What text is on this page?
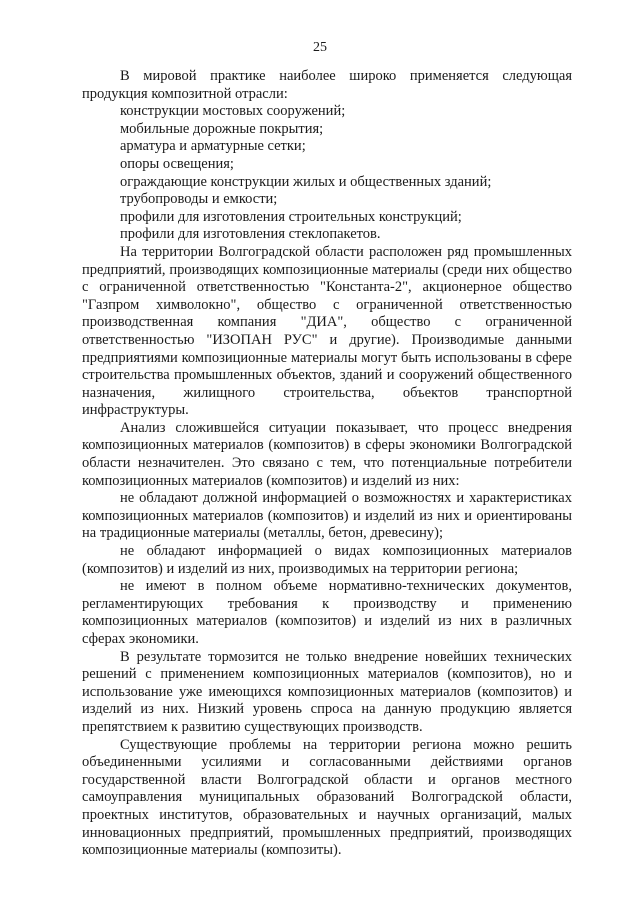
25

В мировой практике наиболее широко применяется следующая продукция композитной отрасли:

конструкции мостовых сооружений;

мобильные дорожные покрытия;

арматура и арматурные сетки;

опоры освещения;

ограждающие конструкции жилых и общественных зданий;

трубопроводы и емкости;

профили для изготовления строительных конструкций;

профили для изготовления стеклопакетов.

На территории Волгоградской области расположен ряд промышленных предприятий, производящих композиционные материалы (среди них общество с ограниченной ответственностью "Константа-2", акционерное общество "Газпром химволокно", общество с ограниченной ответственностью производственная компания "ДИА", общество с ограниченной ответственностью "ИЗОПАН РУС" и другие). Производимые данными предприятиями композиционные материалы могут быть использованы в сфере строительства промышленных объектов, зданий и сооружений общественного назначения, жилищного строительства, объектов транспортной инфраструктуры.

Анализ сложившейся ситуации показывает, что процесс внедрения композиционных материалов (композитов) в сферы экономики Волгоградской области незначителен. Это связано с тем, что потенциальные потребители композиционных материалов (композитов) и изделий из них:

не обладают должной информацией о возможностях и характеристиках композиционных материалов (композитов) и изделий из них и ориентированы на традиционные материалы (металлы, бетон, древесину);

не обладают информацией о видах композиционных материалов (композитов) и изделий из них, производимых на территории региона;

не имеют в полном объеме нормативно-технических документов, регламентирующих требования к производству и применению композиционных материалов (композитов) и изделий из них в различных сферах экономики.

В результате тормозится не только внедрение новейших технических решений с применением композиционных материалов (композитов), но и использование уже имеющихся композиционных материалов (композитов) и изделий из них. Низкий уровень спроса на данную продукцию является препятствием к развитию существующих производств.

Существующие проблемы на территории региона можно решить объединенными усилиями и согласованными действиями органов государственной власти Волгоградской области и органов местного самоуправления муниципальных образований Волгоградской области, проектных институтов, образовательных и научных организаций, малых инновационных предприятий, промышленных предприятий, производящих композиционные материалы (композиты).
